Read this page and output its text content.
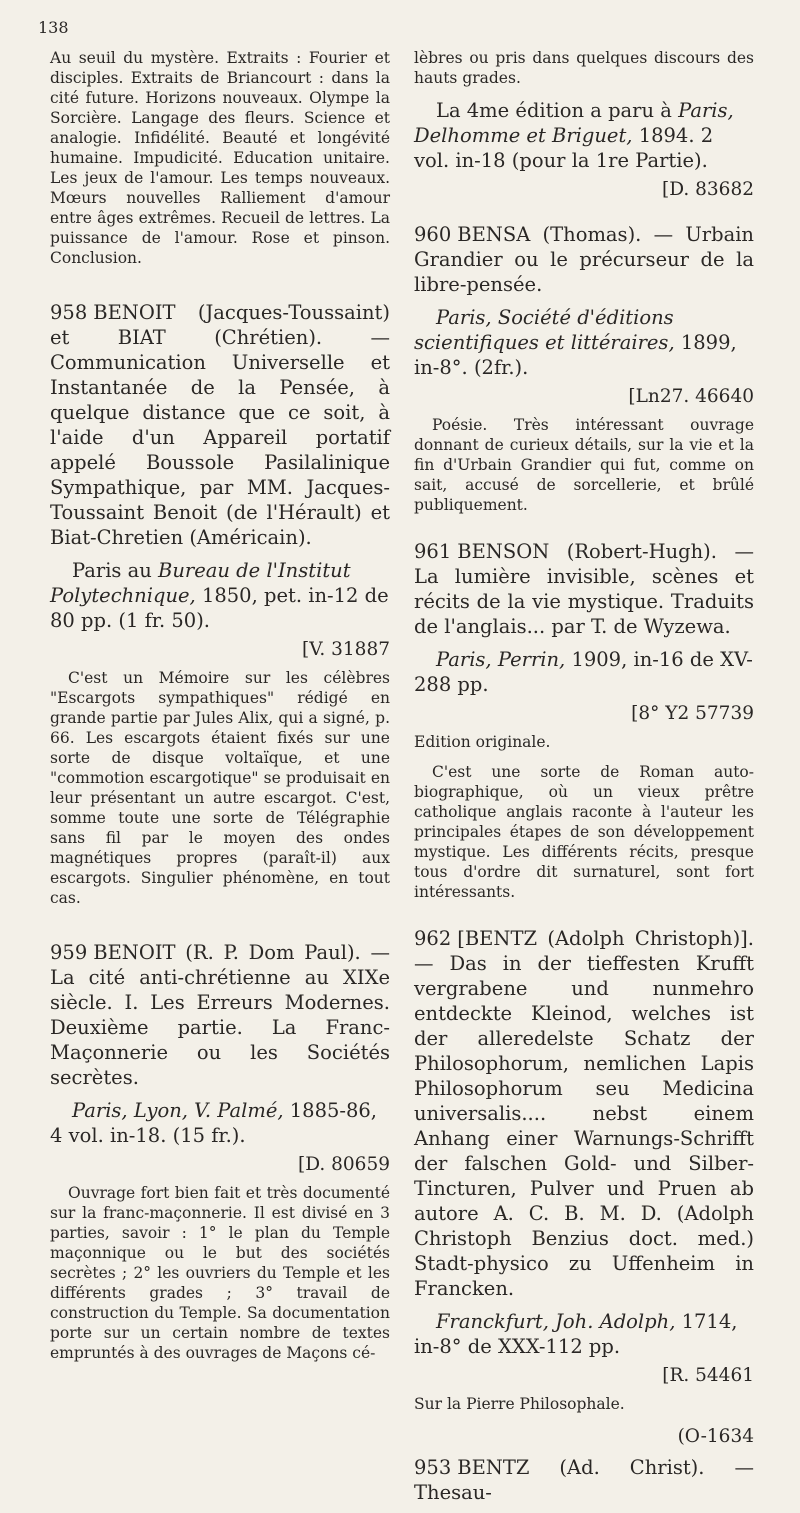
138

Au seuil du mystère. Extraits : Fourier et disciples. Extraits de Briancourt : dans la cité future. Horizons nouveaux. Olympe la Sorcière. Langage des fleurs. Science et analogie. Infidélité. Beauté et longévité humaine. Impudicité. Education unitaire. Les jeux de l'amour. Les temps nouveaux. Mœurs nouvelles Ralliement d'amour entre âges extrêmes. Recueil de lettres. La puissance de l'amour. Rose et pinson. Conclusion.

958 BENOIT (Jacques-Toussaint) et BIAT (Chrétien). — Communication Universelle et Instantanée de la Pensée, à quelque distance que ce soit, à l'aide d'un Appareil portatif appelé Boussole Pasilalinique Sympathique, par MM. Jacques-Toussaint Benoit (de l'Hérault) et Biat-Chretien (Américain).

Paris au Bureau de l'Institut Polytechnique, 1850, pet. in-12 de 80 pp. (1 fr. 50).

[V. 31887

C'est un Mémoire sur les célèbres "Escargots sympathiques" rédigé en grande partie par Jules Alix, qui a signé, p. 66. Les escargots étaient fixés sur une sorte de disque voltaïque, et une "commotion escargotique" se produisait en leur présentant un autre escargot. C'est, somme toute une sorte de Télégraphie sans fil par le moyen des ondes magnétiques propres (paraît-il) aux escargots. Singulier phénomène, en tout cas.

959 BENOIT (R. P. Dom Paul). — La cité anti-chrétienne au XIXe siècle. I. Les Erreurs Modernes. Deuxième partie. La Franc-Maçonnerie ou les Sociétés secrètes.

Paris, Lyon, V. Palmé, 1885-86, 4 vol. in-18. (15 fr.).

[D. 80659

Ouvrage fort bien fait et très documenté sur la franc-maçonnerie. Il est divisé en 3 parties, savoir : 1° le plan du Temple maçonnique ou le but des sociétés secrètes ; 2° les ouvriers du Temple et les différents grades ; 3° travail de construction du Temple. Sa documentation porte sur un certain nombre de textes empruntés à des ouvrages de Maçons cé-

lèbres ou pris dans quelques discours des hauts grades.

La 4me édition a paru à Paris, Delhomme et Briguet, 1894. 2 vol. in-18 (pour la 1re Partie).

[D. 83682

960 BENSA (Thomas). — Urbain Grandier ou le précurseur de la libre-pensée.

Paris, Société d'éditions scientifiques et littéraires, 1899, in-8°. (2fr.).

[Ln27. 46640

Poésie. Très intéressant ouvrage donnant de curieux détails, sur la vie et la fin d'Urbain Grandier qui fut, comme on sait, accusé de sorcellerie, et brûlé publiquement.

961 BENSON (Robert-Hugh). — La lumière invisible, scènes et récits de la vie mystique. Traduits de l'anglais... par T. de Wyzewa.

Paris, Perrin, 1909, in-16 de XV-288 pp.

[8° Y2 57739

Edition originale.

C'est une sorte de Roman auto-biographique, où un vieux prêtre catholique anglais raconte à l'auteur les principales étapes de son développement mystique. Les différents récits, presque tous d'ordre dit surnaturel, sont fort intéressants.

962 [BENTZ (Adolph Christoph)]. — Das in der tieffesten Krufft vergrabene und nunmehro entdeckte Kleinod, welches ist der alleredelste Schatz der Philosophorum, nemlichen Lapis Philosophorum seu Medicina universalis.... nebst einem Anhang einer Warnungs-Schrifft der falschen Gold- und Silber-Tincturen, Pulver und Pruen ab autore A. C. B. M. D. (Adolph Christoph Benzius doct. med.) Stadt-physico zu Uffenheim in Francken.

Franckfurt, Joh. Adolph, 1714, in-8° de XXX-112 pp.

[R. 54461

Sur la Pierre Philosophale.

(O-1634

953 BENTZ (Ad. Christ). — Thesau-
